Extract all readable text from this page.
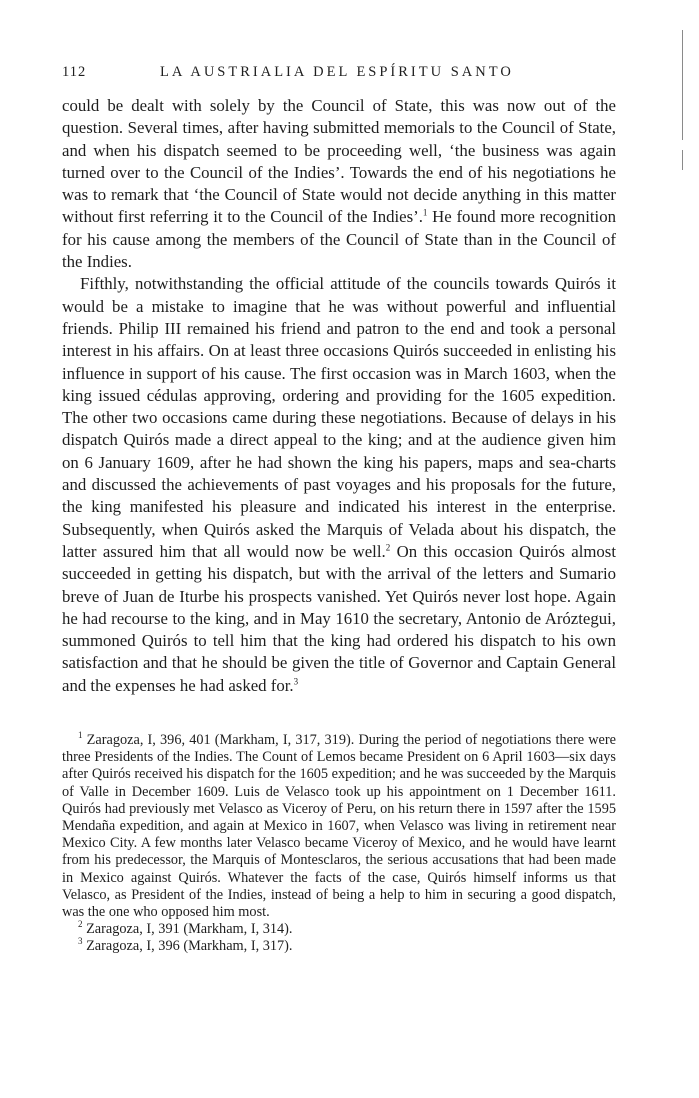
112	LA AUSTRIALIA DEL ESPÍRITU SANTO

could be dealt with solely by the Council of State, this was now out of the question. Several times, after having submitted memorials to the Council of State, and when his dispatch seemed to be proceeding well, ‘the business was again turned over to the Council of the Indies’. Towards the end of his negotiations he was to remark that ‘the Council of State would not decide anything in this matter without first referring it to the Council of the Indies’.$^1$ He found more recognition for his cause among the members of the Council of State than in the Council of the Indies.

Fifthly, notwithstanding the official attitude of the councils towards Quirós it would be a mistake to imagine that he was without powerful and influential friends. Philip III remained his friend and patron to the end and took a personal interest in his affairs. On at least three occasions Quirós succeeded in enlisting his influence in support of his cause. The first occasion was in March 1603, when the king issued cédulas approving, ordering and providing for the 1605 expedition. The other two occasions came during these negotiations. Because of delays in his dispatch Quirós made a direct appeal to the king; and at the audience given him on 6 January 1609, after he had shown the king his papers, maps and sea-charts and discussed the achievements of past voyages and his proposals for the future, the king manifested his pleasure and indicated his interest in the enterprise. Subsequently, when Quirós asked the Marquis of Velada about his dispatch, the latter assured him that all would now be well.$^2$ On this occasion Quirós almost succeeded in getting his dispatch, but with the arrival of the letters and Sumario breve of Juan de Iturbe his prospects vanished. Yet Quirós never lost hope. Again he had recourse to the king, and in May 1610 the secretary, Antonio de Aróztegui, summoned Quirós to tell him that the king had ordered his dispatch to his own satisfaction and that he should be given the title of Governor and Captain General and the expenses he had asked for.$^3$

$^1$ Zaragoza, I, 396, 401 (Markham, I, 317, 319). During the period of negotiations there were three Presidents of the Indies. The Count of Lemos became President on 6 April 1603—six days after Quirós received his dispatch for the 1605 expedition; and he was succeeded by the Marquis of Valle in December 1609. Luis de Velasco took up his appointment on 1 December 1611. Quirós had previously met Velasco as Viceroy of Peru, on his return there in 1597 after the 1595 Mendaña expedition, and again at Mexico in 1607, when Velasco was living in retirement near Mexico City. A few months later Velasco became Viceroy of Mexico, and he would have learnt from his predecessor, the Marquis of Montesclaros, the serious accusations that had been made in Mexico against Quirós. Whatever the facts of the case, Quirós himself informs us that Velasco, as President of the Indies, instead of being a help to him in securing a good dispatch, was the one who opposed him most.

$^2$ Zaragoza, I, 391 (Markham, I, 314).

$^3$ Zaragoza, I, 396 (Markham, I, 317).
